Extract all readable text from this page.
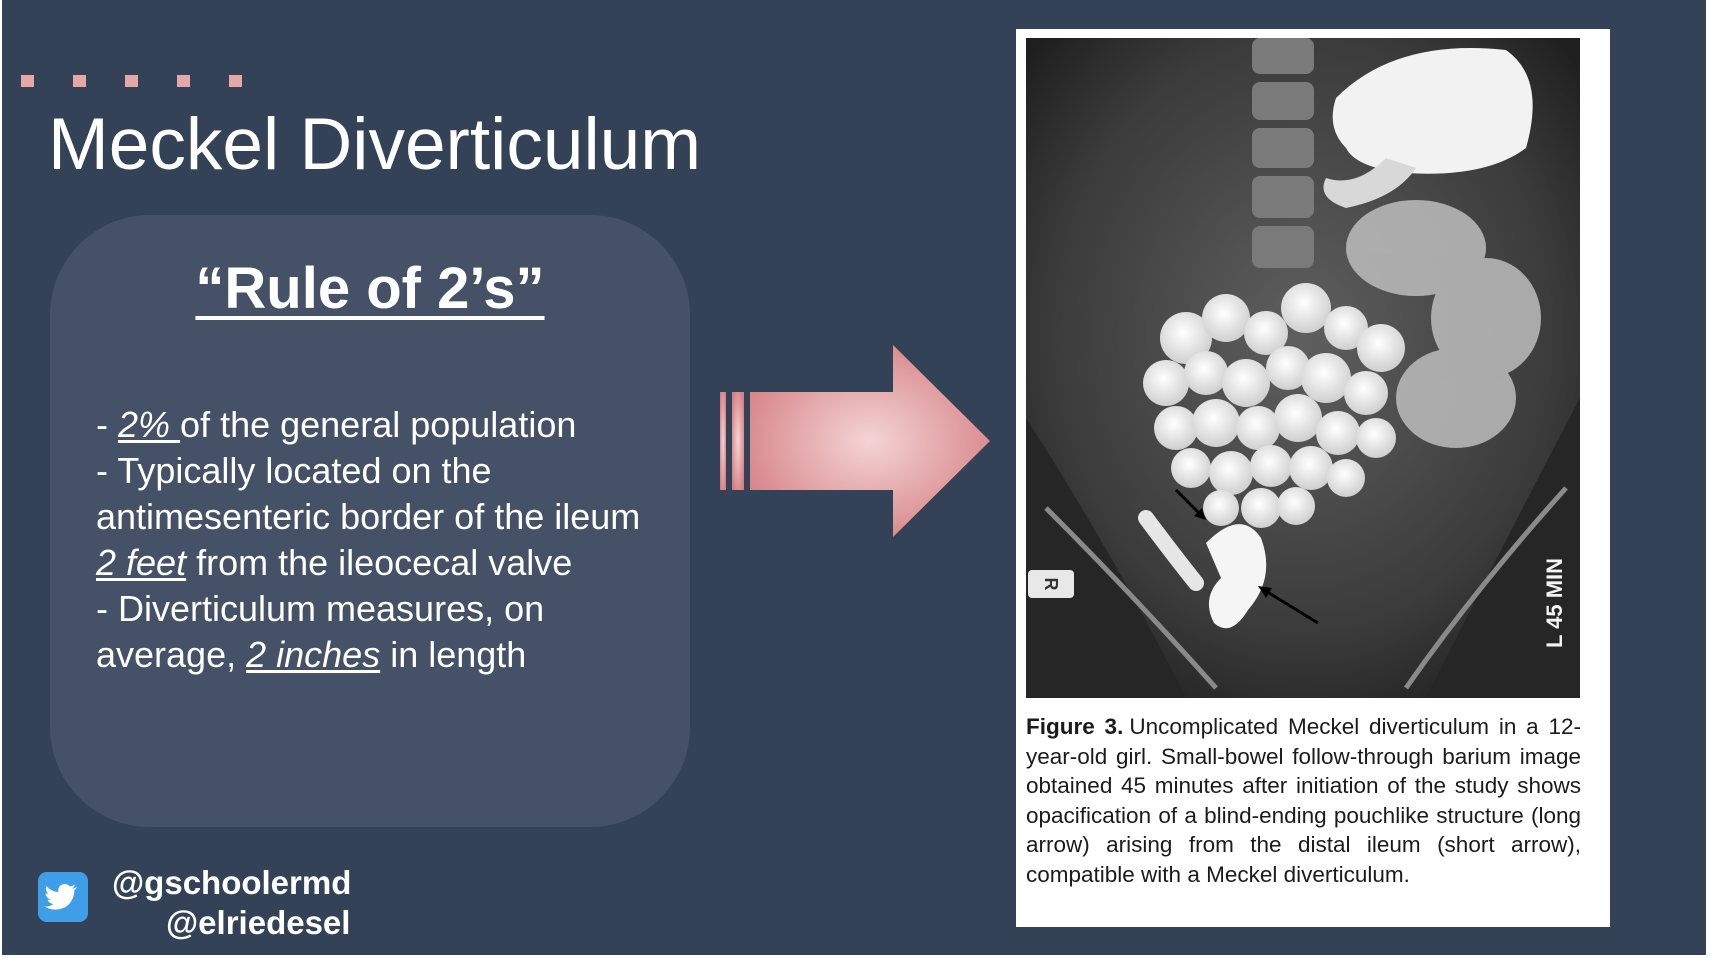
Meckel Diverticulum
“Rule of 2’s”

- 2% of the general population

- Typically located on the antimesenteric border of the ileum 2 feet from the ileocecal valve

- Diverticulum measures, on average, 2 inches in length

R	L 45 MIN
Figure 3. Uncomplicated Meckel diverticulum in a 12-year-old girl. Small-bowel follow-through barium image obtained 45 minutes after initiation of the study shows opacification of a blind-ending pouchlike structure (long arrow) arising from the distal ileum (short arrow), compatible with a Meckel diverticulum.
@gschoolermd
@elriedesel
